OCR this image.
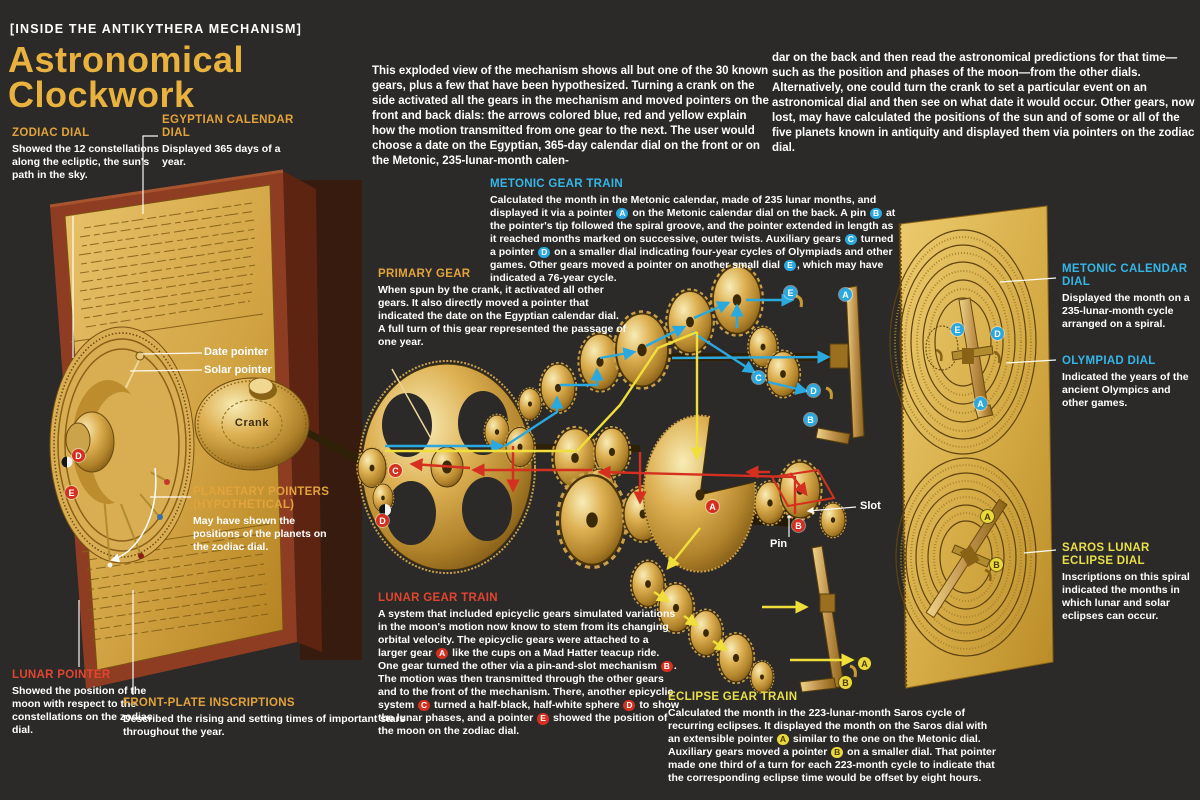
[INSIDE THE ANTIKYTHERA MECHANISM]
Astronomical
Clockwork

This exploded view of the mechanism shows all but one of the 30 known gears, plus a few that have been hypothesized. Turning a crank on the side activated all the gears in the mechanism and moved pointers on the front and back dials: the arrows colored blue, red and yellow explain how the motion transmitted from one gear to the next. The user would choose a date on the Egyptian, 365-day calendar dial on the front or on the Metonic, 235-lunar-month calen-

dar on the back and then read the astronomical predictions for that time—such as the position and phases of the moon—from the other dials. Alternatively, one could turn the crank to set a particular event on an astronomical dial and then see on what date it would occur. Other gears, now lost, may have calculated the positions of the sun and of some or all of the five planets known in antiquity and displayed them via pointers on the zodiac dial.

ZODIAC DIAL

Showed the 12 constellations along the ecliptic, the sun's path in the sky.

EGYPTIAN CALENDAR DIAL

Displayed 365 days of a year.

PLANETARY POINTERS (HYPOTHETICAL)

May have shown the positions of the planets on the zodiac dial.

LUNAR POINTER

Showed the position of the moon with respect to the constellations on the zodiac dial.

FRONT-PLATE INSCRIPTIONS

Described the rising and setting times of important stars throughout the year.

Date pointer
Solar pointer
Crank
Slot
Pin
METONIC GEAR TRAIN

Calculated the month in the Metonic calendar, made of 235 lunar months, and displayed it via a pointer A on the Metonic calendar dial on the back. A pin B at the pointer's tip followed the spiral groove, and the pointer extended in length as it reached months marked on successive, outer twists. Auxiliary gears C turned a pointer D on a smaller dial indicating four-year cycles of Olympiads and other games. Other gears moved a pointer on another small dial E , which may have indicated a 76-year cycle.

PRIMARY GEAR

When spun by the crank, it activated all other gears. It also directly moved a pointer that indicated the date on the Egyptian calendar dial. A full turn of this gear represented the passage of one year.

LUNAR GEAR TRAIN

A system that included epicyclic gears simulated variations in the moon's motion now know to stem from its changing orbital velocity. The epicyclic gears were attached to a larger gear A like the cups on a Mad Hatter teacup ride. One gear turned the other via a pin-and-slot mechanism B . The motion was then transmitted through the other gears and to the front of the mechanism. There, another epicyclic system C turned a half-black, half-white sphere D to show the lunar phases, and a pointer E showed the position of the moon on the zodiac dial.

ECLIPSE GEAR TRAIN

Calculated the month in the 223-lunar-month Saros cycle of recurring eclipses. It displayed the month on the Saros dial with an extensible pointer A similar to the one on the Metonic dial. Auxiliary gears moved a pointer B on a smaller dial. That pointer made one third of a turn for each 223-month cycle to indicate that the corresponding eclipse time would be offset by eight hours.

METONIC CALENDAR DIAL

Displayed the month on a 235-lunar-month cycle arranged on a spiral.

OLYMPIAD DIAL

Indicated the years of the ancient Olympics and other games.

SAROS LUNAR ECLIPSE DIAL

Inscriptions on this spiral indicated the months in which lunar and solar eclipses can occur.

E	A
C
D
B
C
D
A
B
A
B
D
E
E	D
A
A
B
